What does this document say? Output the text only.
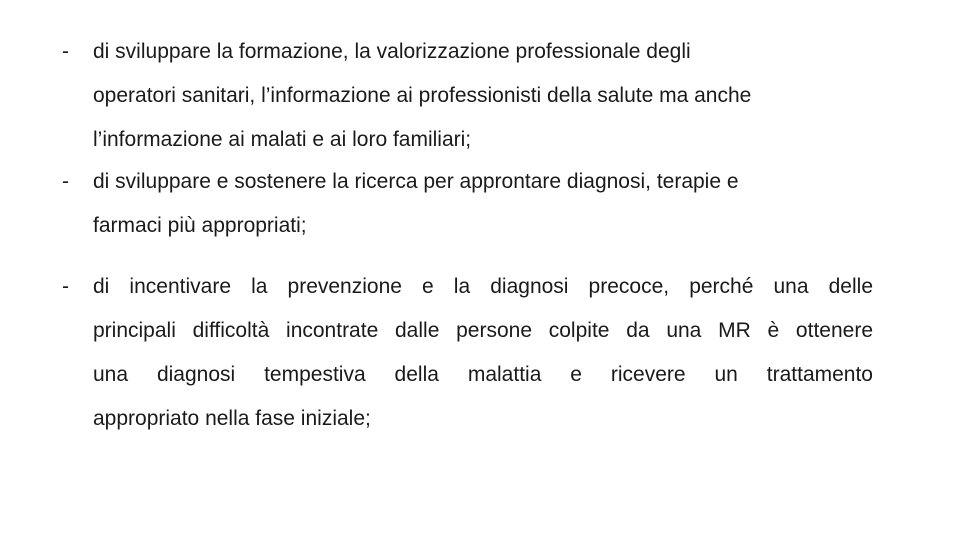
- di sviluppare la formazione, la valorizzazione professionale degli
operatori sanitari, l’informazione ai professionisti della salute ma anche
l’informazione ai malati e ai loro familiari;
- di sviluppare e sostenere la ricerca per approntare diagnosi, terapie e
farmaci più appropriati;
- di incentivare la prevenzione e la diagnosi precoce, perché una delle
principali difficoltà incontrate dalle persone colpite da una MR è ottenere
una diagnosi tempestiva della malattia e ricevere un trattamento
appropriato nella fase iniziale;
